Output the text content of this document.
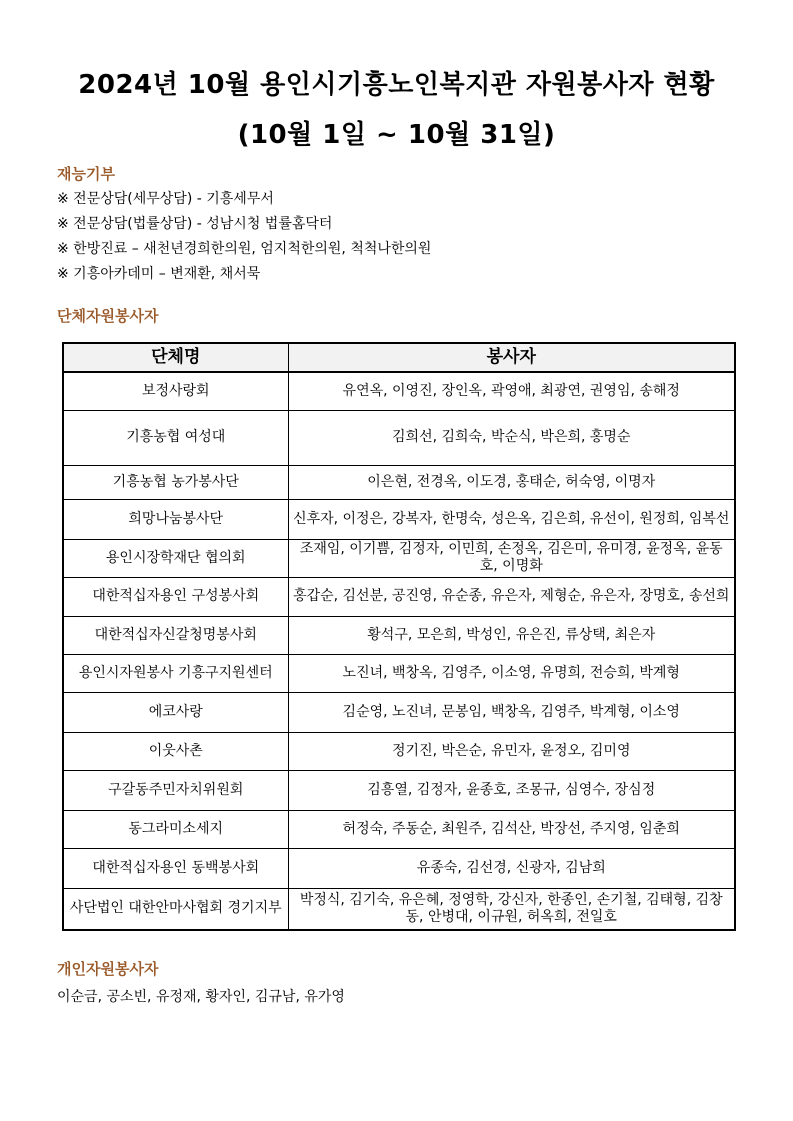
2024년 10월 용인시기흥노인복지관 자원봉사자 현황
(10월 1일 ~ 10월 31일)
재능기부
※ 전문상담(세무상담) - 기흥세무서
※ 전문상담(법률상담) - 성남시청 법률홈닥터
※ 한방진료 – 새천년경희한의원, 엄지척한의원, 척척나한의원
※ 기흥아카데미 – 변재환, 채서묵
단체자원봉사자
단체명	봉사자
보정사랑회	유연옥, 이영진, 장인옥, 곽영애, 최광연, 권영임, 송해정
기흥농협 여성대	김희선, 김희숙, 박순식, 박은희, 홍명순
기흥농협 농가봉사단	이은현, 전경옥, 이도경, 홍태순, 허숙영, 이명자
희망나눔봉사단	신후자, 이정은, 강복자, 한명숙, 성은옥, 김은희, 유선이, 원정희, 임복선
용인시장학재단 협의회	조재임, 이기쁨, 김정자, 이민희, 손정옥, 김은미, 유미경, 윤정옥, 윤동호, 이명화
대한적십자용인 구성봉사회	홍갑순, 김선분, 공진영, 유순종, 유은자, 제형순, 유은자, 장명호, 송선희
대한적십자신갈청명봉사회	황석구, 모은희, 박성인, 유은진, 류상택, 최은자
용인시자원봉사 기흥구지원센터	노진녀, 백창옥, 김영주, 이소영, 유명희, 전승희, 박계형
에코사랑	김순영, 노진녀, 문봉임, 백창옥, 김영주, 박계형, 이소영
이웃사촌	정기진, 박은순, 유민자, 윤정오, 김미영
구갈동주민자치위원회	김흥열, 김정자, 윤종호, 조몽규, 심영수, 장심정
동그라미소세지	허정숙, 주동순, 최원주, 김석산, 박장선, 주지영, 임춘희
대한적십자용인 동백봉사회	유종숙, 김선경, 신광자, 김남희
사단법인 대한안마사협회 경기지부	박정식, 김기숙, 유은혜, 정영학, 강신자, 한종인, 손기철, 김태형, 김창동, 안병대, 이규원, 허옥희, 전일호
개인자원봉사자
이순금, 공소빈, 유정재, 황자인, 김규남, 유가영
